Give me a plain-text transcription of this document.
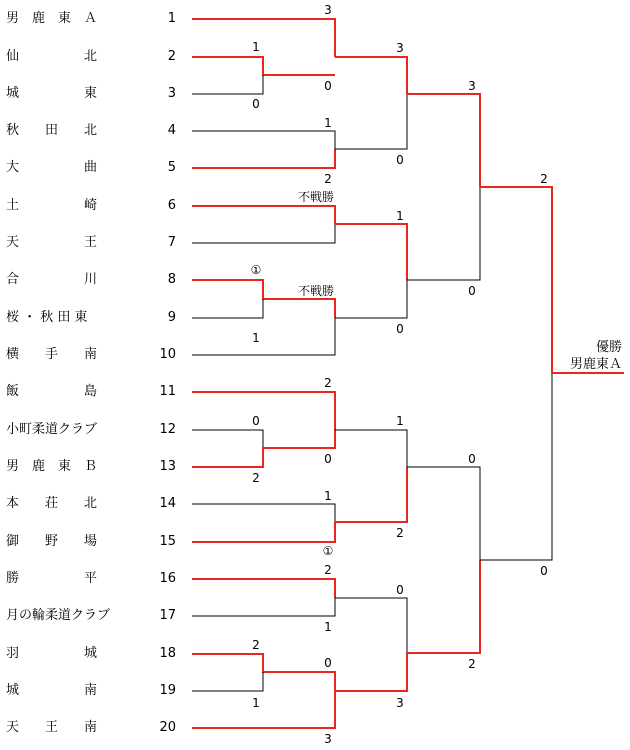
男　鹿　東　Ａ	1
仙　　　　　北	2
城　　　　　東	3
秋　　田　　北	4
大　　　　　曲	5
土　　　　　崎	6
天　　　　　王	7
合　　　　　川	8
桜 ・ 秋 田 東	9
横　　手　　南	10
飯　　　　　島	11
小町柔道クラブ	12
男　鹿　東　Ｂ	13
本　　荘　　北	14
御　　野　　場	15
勝　　　　　平	16
月の輪柔道クラブ	17
羽　　　　　城	18
城　　　　　南	19
天　　王　　南	20
1
0
①
1
0
2
2
1
3
0
1
2
不戦勝
不戦勝
2
0
1
①
2
1
0
3
3
0
1
0
1
2
0
3
3
0
0
2
2
0
優勝
男鹿東Ａ
